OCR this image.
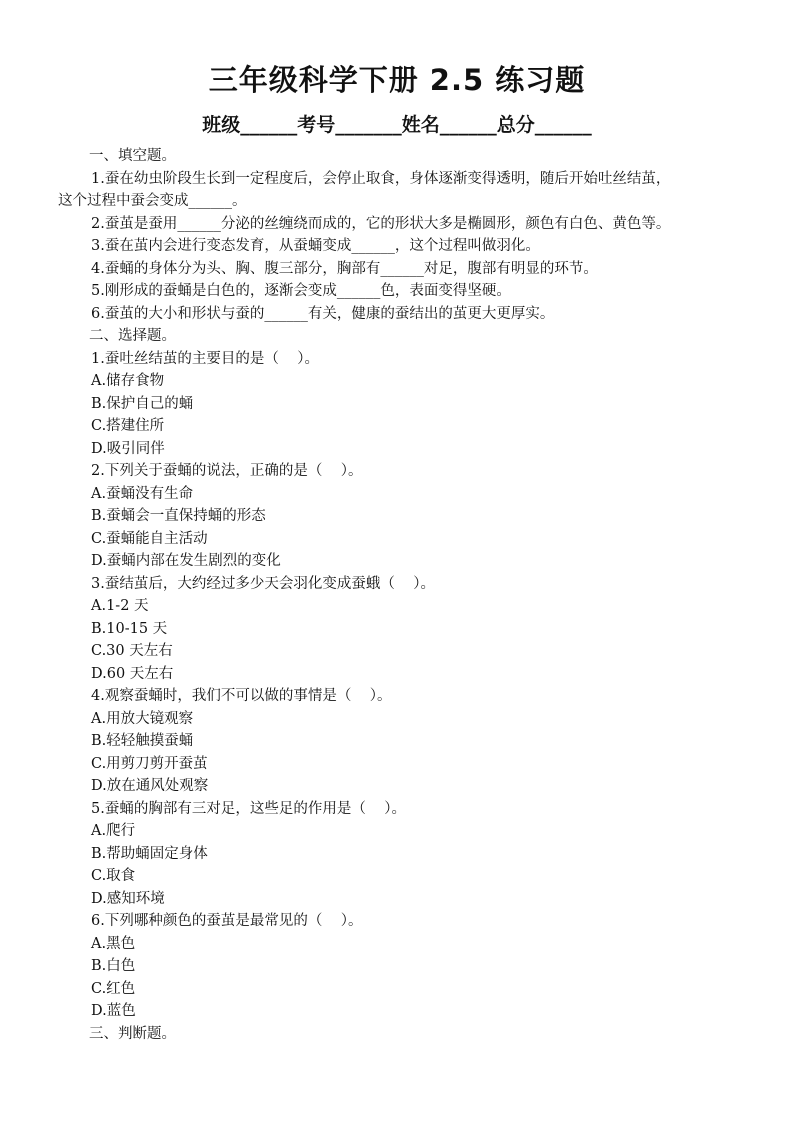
三年级科学下册 2.5 练习题
班级______考号_______姓名______总分______
一、填空题。
1.蚕在幼虫阶段生长到一定程度后，会停止取食，身体逐渐变得透明，随后开始吐丝结茧，
这个过程中蚕会变成______。
2.蚕茧是蚕用______分泌的丝缠绕而成的，它的形状大多是椭圆形，颜色有白色、黄色等。
3.蚕在茧内会进行变态发育，从蚕蛹变成______，这个过程叫做羽化。
4.蚕蛹的身体分为头、胸、腹三部分，胸部有______对足，腹部有明显的环节。
5.刚形成的蚕蛹是白色的，逐渐会变成______色，表面变得坚硬。
6.蚕茧的大小和形状与蚕的______有关，健康的蚕结出的茧更大更厚实。
二、选择题。
1.蚕吐丝结茧的主要目的是（    ）。
A.储存食物
B.保护自己的蛹
C.搭建住所
D.吸引同伴
2.下列关于蚕蛹的说法，正确的是（    ）。
A.蚕蛹没有生命
B.蚕蛹会一直保持蛹的形态
C.蚕蛹能自主活动
D.蚕蛹内部在发生剧烈的变化
3.蚕结茧后，大约经过多少天会羽化变成蚕蛾（    ）。
A.1-2 天
B.10-15 天
C.30 天左右
D.60 天左右
4.观察蚕蛹时，我们不可以做的事情是（    ）。
A.用放大镜观察
B.轻轻触摸蚕蛹
C.用剪刀剪开蚕茧
D.放在通风处观察
5.蚕蛹的胸部有三对足，这些足的作用是（    ）。
A.爬行
B.帮助蛹固定身体
C.取食
D.感知环境
6.下列哪种颜色的蚕茧是最常见的（    ）。
A.黑色
B.白色
C.红色
D.蓝色
三、判断题。
